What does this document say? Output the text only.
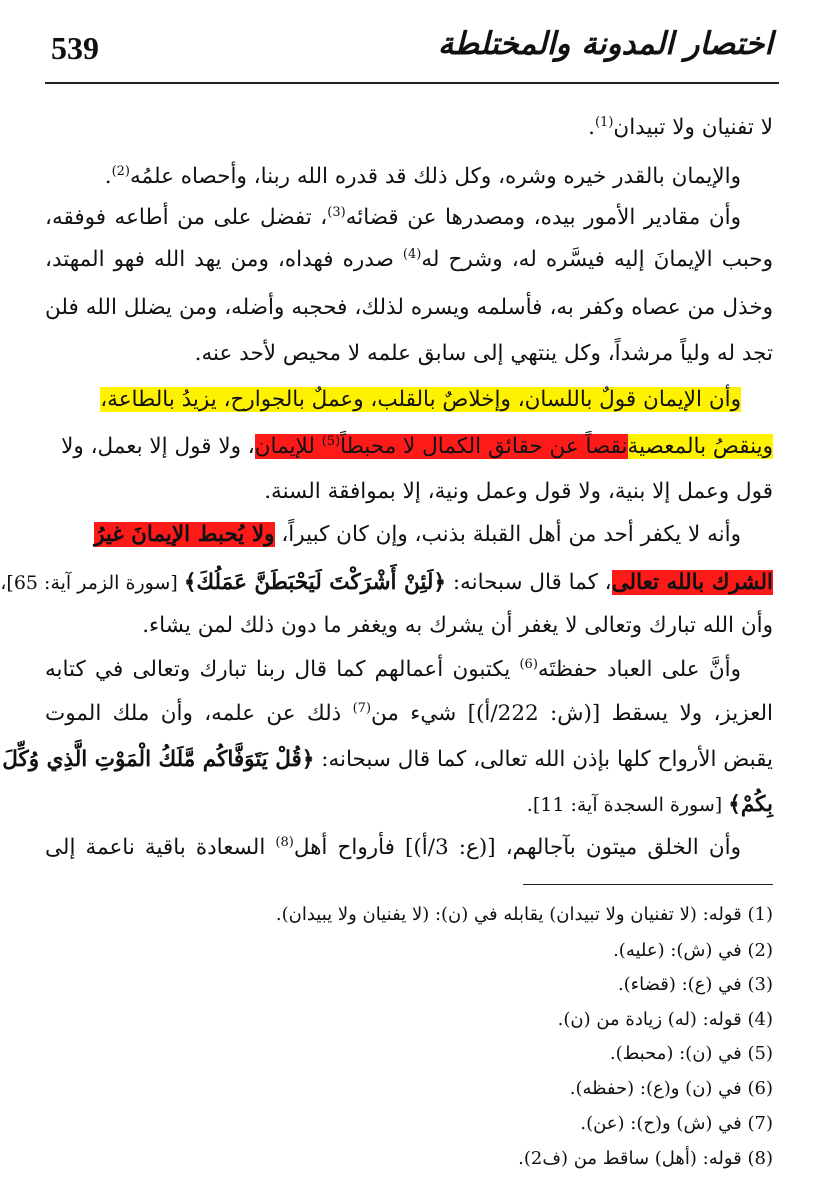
539	اختصار المدونة والمختلطة
لا تفنيان ولا تبيدان$^{(1)}$.
والإيمان بالقدر خيره وشره، وكل ذلك قد قدره الله ربنا، وأحصاه علمُه$^{(2)}$.
وأن مقادير الأمور بيده، ومصدرها عن قضائه$^{(3)}$، تفضل على من أطاعه فوفقه،
وحبب الإيمانَ إليه فيسَّره له، وشرح له$^{(4)}$ صدره فهداه، ومن يهد الله فهو المهتد،
وخذل من عصاه وكفر به، فأسلمه ويسره لذلك، فحجبه وأضله، ومن يضلل الله فلن
تجد له ولياً مرشداً، وكل ينتهي إلى سابق علمه لا محيص لأحد عنه.
وأن الإيمان قولٌ باللسان، وإخلاصٌ بالقلب، وعملٌ بالجوارح، يزيدُ بالطاعة،
وينقصُ بالمعصيةنقصاً عن حقائق الكمال لا محبطاً$^{(5)}$ للإيمان، ولا قول إلا بعمل، ولا
قول وعمل إلا بنية، ولا قول وعمل ونية، إلا بموافقة السنة.
وأنه لا يكفر أحد من أهل القبلة بذنب، وإن كان كبيراً، ولا يُحبط الإيمانَ غيرُ
الشرك بالله تعالى، كما قال سبحانه: ﴿لَئِنْ أَشْرَكْتَ لَيَحْبَطَنَّ عَمَلُكَ﴾ [سورة الزمر آية: 65]،
وأن الله تبارك وتعالى لا يغفر أن يشرك به ويغفر ما دون ذلك لمن يشاء.
وأنَّ على العباد حفظتَه$^{(6)}$ يكتبون أعمالهم كما قال ربنا تبارك وتعالى في كتابه
العزيز، ولا يسقط [(ش: 222/أ)] شيء من$^{(7)}$ ذلك عن علمه، وأن ملك الموت
يقبض الأرواح كلها بإذن الله تعالى، كما قال سبحانه: ﴿قُلْ يَتَوَفَّاكُم مَّلَكُ الْمَوْتِ الَّذِي وُكِّلَ
بِكُمْ﴾ [سورة السجدة آية: 11].
وأن الخلق ميتون بآجالهم، [(ع: 3/أ)] فأرواح أهل$^{(8)}$ السعادة باقية ناعمة إلى
(1) قوله: (لا تفنيان ولا تبيدان) يقابله في (ن): (لا يفنيان ولا يبيدان).
(2) في (ش): (عليه).
(3) في (ع): (قضاء).
(4) قوله: (له) زيادة من (ن).
(5) في (ن): (محبط).
(6) في (ن) و(ع): (حفظه).
(7) في (ش) و(ح): (عن).
(8) قوله: (أهل) ساقط من (ف2).
